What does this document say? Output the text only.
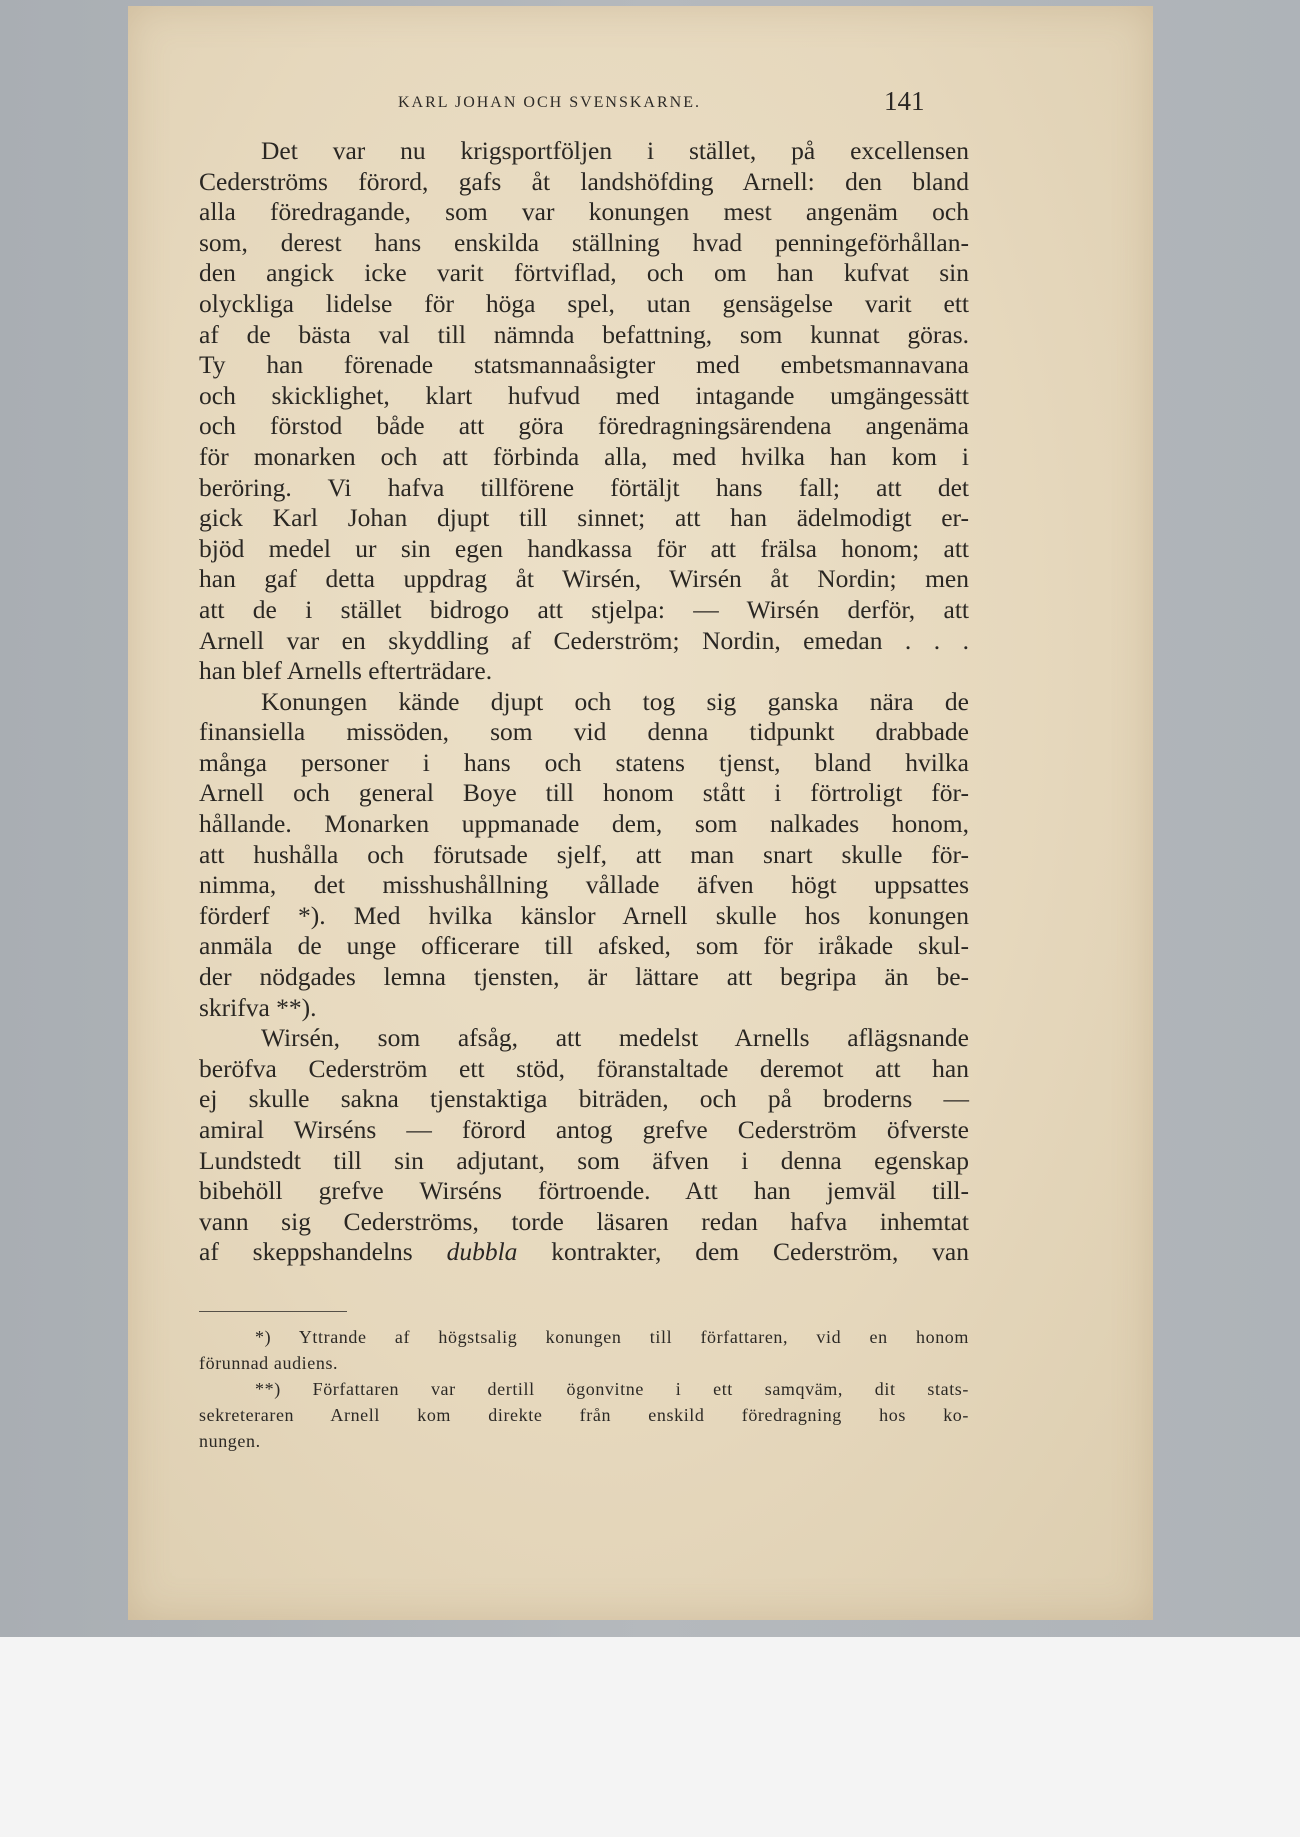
KARL JOHAN OCH SVENSKARNE.	141
Det var nu krigsportföljen i stället, på excellensen
Cederströms förord, gafs åt landshöfding Arnell: den bland
alla föredragande, som var konungen mest angenäm och
som, derest hans enskilda ställning hvad penningeförhållan-
den angick icke varit förtviflad, och om han kufvat sin
olyckliga lidelse för höga spel, utan gensägelse varit ett
af de bästa val till nämnda befattning, som kunnat göras.
Ty han förenade statsmannaåsigter med embetsmannavana
och skicklighet, klart hufvud med intagande umgängessätt
och förstod både att göra föredragningsärendena angenäma
för monarken och att förbinda alla, med hvilka han kom i
beröring. Vi hafva tillförene förtäljt hans fall; att det
gick Karl Johan djupt till sinnet; att han ädelmodigt er-
bjöd medel ur sin egen handkassa för att frälsa honom; att
han gaf detta uppdrag åt Wirsén, Wirsén åt Nordin; men
att de i stället bidrogo att stjelpa: — Wirsén derför, att
Arnell var en skyddling af Cederström; Nordin, emedan . . .
han blef Arnells efterträdare.
Konungen kände djupt och tog sig ganska nära de
finansiella missöden, som vid denna tidpunkt drabbade
många personer i hans och statens tjenst, bland hvilka
Arnell och general Boye till honom stått i förtroligt för-
hållande. Monarken uppmanade dem, som nalkades honom,
att hushålla och förutsade sjelf, att man snart skulle för-
nimma, det misshushållning vållade äfven högt uppsattes
förderf *). Med hvilka känslor Arnell skulle hos konungen
anmäla de unge officerare till afsked, som för iråkade skul-
der nödgades lemna tjensten, är lättare att begripa än be-
skrifva **).
Wirsén, som afsåg, att medelst Arnells aflägsnande
beröfva Cederström ett stöd, föranstaltade deremot att han
ej skulle sakna tjenstaktiga biträden, och på broderns —
amiral Wirséns — förord antog grefve Cederström öfverste
Lundstedt till sin adjutant, som äfven i denna egenskap
bibehöll grefve Wirséns förtroende. Att han jemväl till-
vann sig Cederströms, torde läsaren redan hafva inhemtat
af skeppshandelns dubbla kontrakter, dem Cederström, van
*) Yttrande af högstsalig konungen till författaren, vid en honom
förunnad audiens.
**) Författaren var dertill ögonvitne i ett samqväm, dit stats-
sekreteraren Arnell kom direkte från enskild föredragning hos ko-
nungen.
